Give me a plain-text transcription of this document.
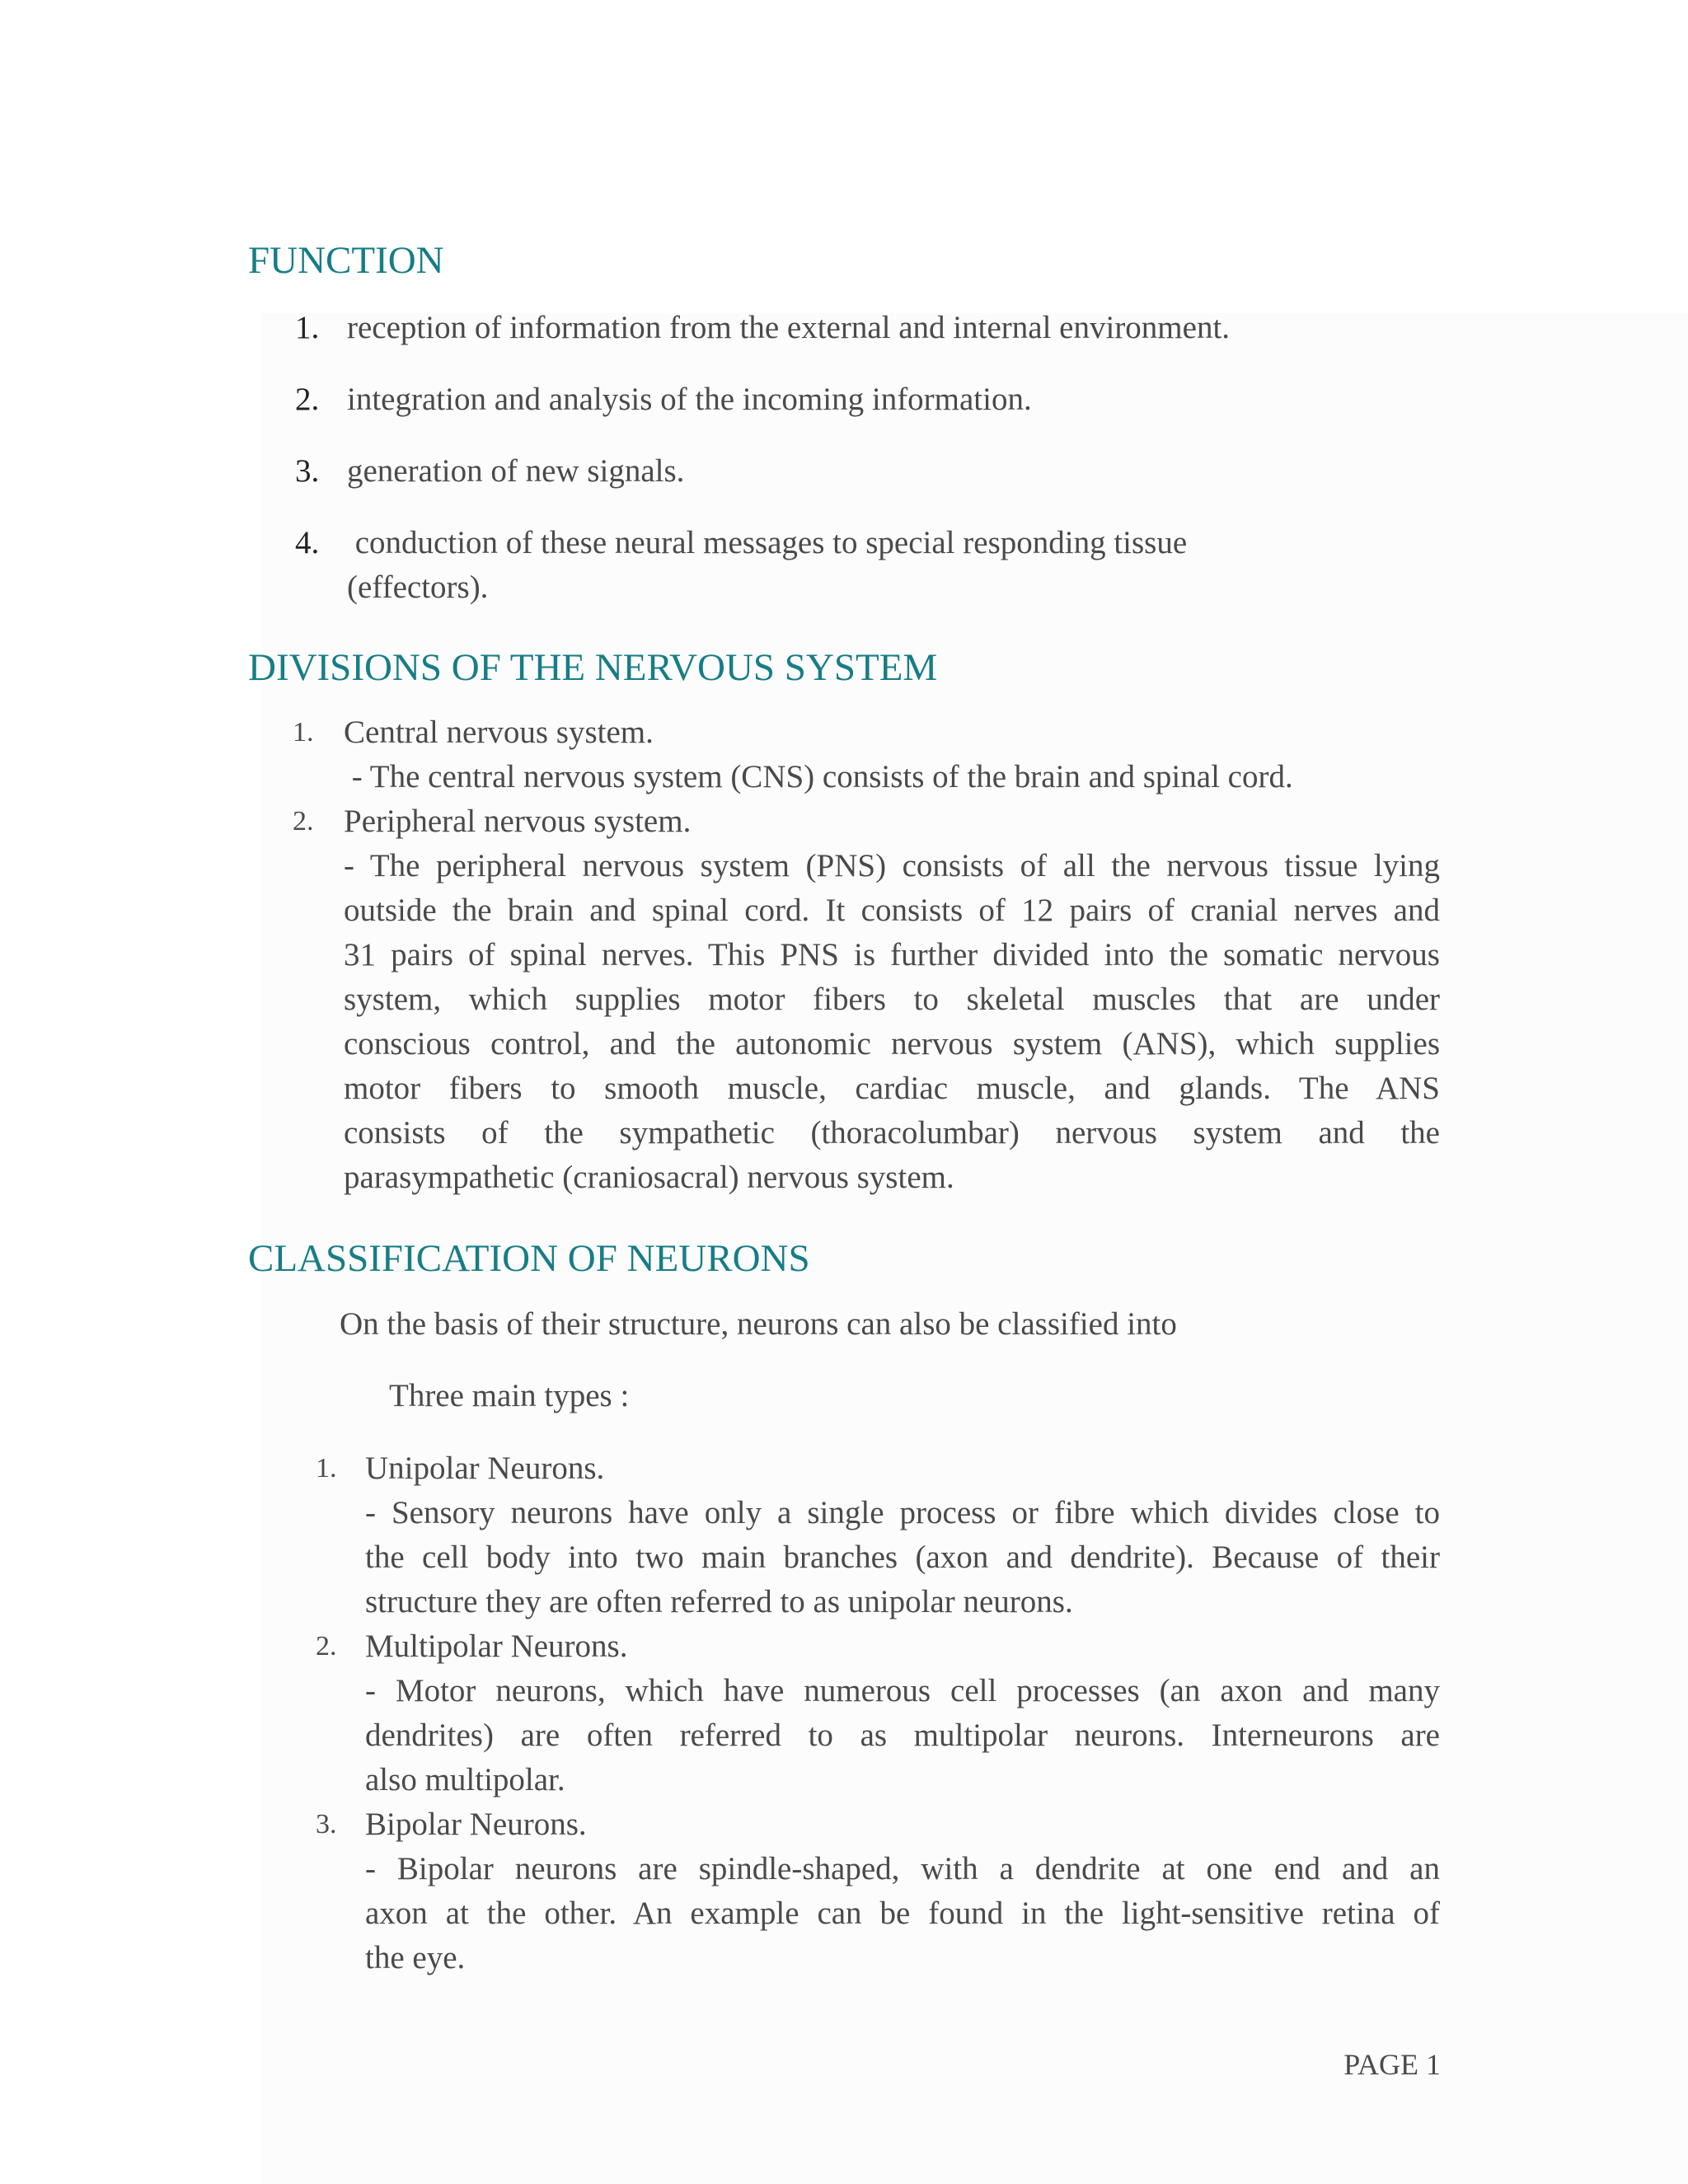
FUNCTION
1. reception of information from the external and internal environment.

2. integration and analysis of the incoming information.

3. generation of new signals.

4. conduction of these neural messages to special responding tissue

(effectors).

DIVISIONS OF THE NERVOUS SYSTEM
1. Central nervous system.

- The central nervous system (CNS) consists of the brain and spinal cord.

2. Peripheral nervous system.

- The peripheral nervous system (PNS) consists of all the nervous tissue lying

outside the brain and spinal cord. It consists of 12 pairs of cranial nerves and

31 pairs of spinal nerves. This PNS is further divided into the somatic nervous

system, which supplies motor fibers to skeletal muscles that are under

conscious control, and the autonomic nervous system (ANS), which supplies

motor fibers to smooth muscle, cardiac muscle, and glands. The ANS

consists of the sympathetic (thoracolumbar) nervous system and the

parasympathetic (craniosacral) nervous system.

CLASSIFICATION OF NEURONS

On the basis of their structure, neurons can also be classified into

Three main types :

1. Unipolar Neurons.

- Sensory neurons have only a single process or fibre which divides close to

the cell body into two main branches (axon and dendrite). Because of their

structure they are often referred to as unipolar neurons.

2. Multipolar Neurons.

- Motor neurons, which have numerous cell processes (an axon and many

dendrites) are often referred to as multipolar neurons. Interneurons are

also multipolar.

3. Bipolar Neurons.

- Bipolar neurons are spindle-shaped, with a dendrite at one end and an

axon at the other. An example can be found in the light-sensitive retina of

the eye.

PAGE 1
